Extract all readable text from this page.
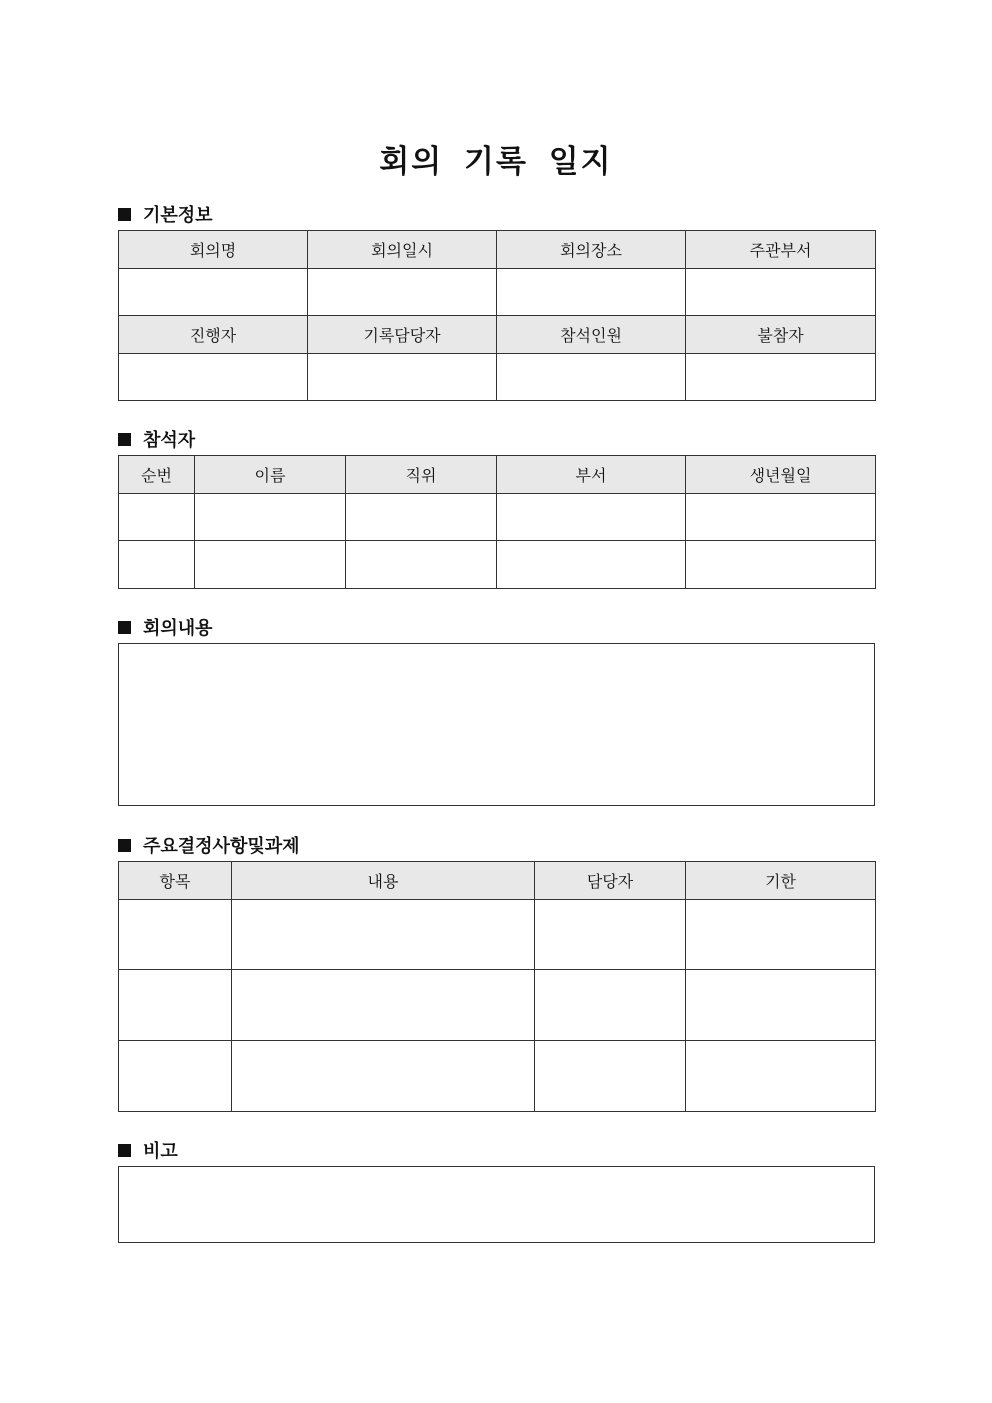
회의 기록 일지
기본정보
회의명	회의일시	회의장소	주관부서

진행자	기록담당자	참석인원	불참자

참석자
순번	이름	직위	부서	생년월일

회의내용
주요결정사항및과제
항목	내용	담당자	기한

비고
